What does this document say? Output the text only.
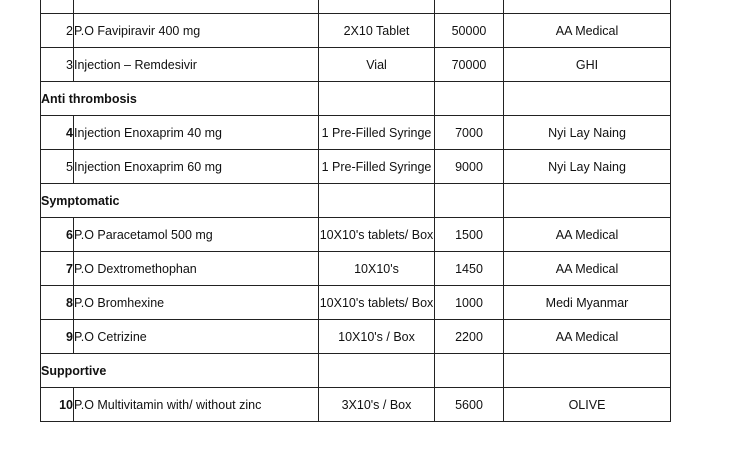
2	P.O Favipiravir 400 mg	2X10 Tablet	50000	AA Medical
3	Injection – Remdesivir	Vial	70000	GHI
Anti thrombosis				
4	Injection Enoxaprim 40 mg	1 Pre-Filled Syringe	7000	Nyi Lay Naing
5	Injection Enoxaprim 60 mg	1 Pre-Filled Syringe	9000	Nyi Lay Naing
Symptomatic				
6	P.O Paracetamol 500 mg	10X10's tablets/ Box	1500	AA Medical
7	P.O Dextromethophan	10X10's	1450	AA Medical
8	P.O Bromhexine	10X10's tablets/ Box	1000	Medi Myanmar
9	P.O Cetrizine	10X10's / Box	2200	AA Medical
Supportive				
10	P.O Multivitamin with/ without zinc	3X10's / Box	5600	OLIVE
